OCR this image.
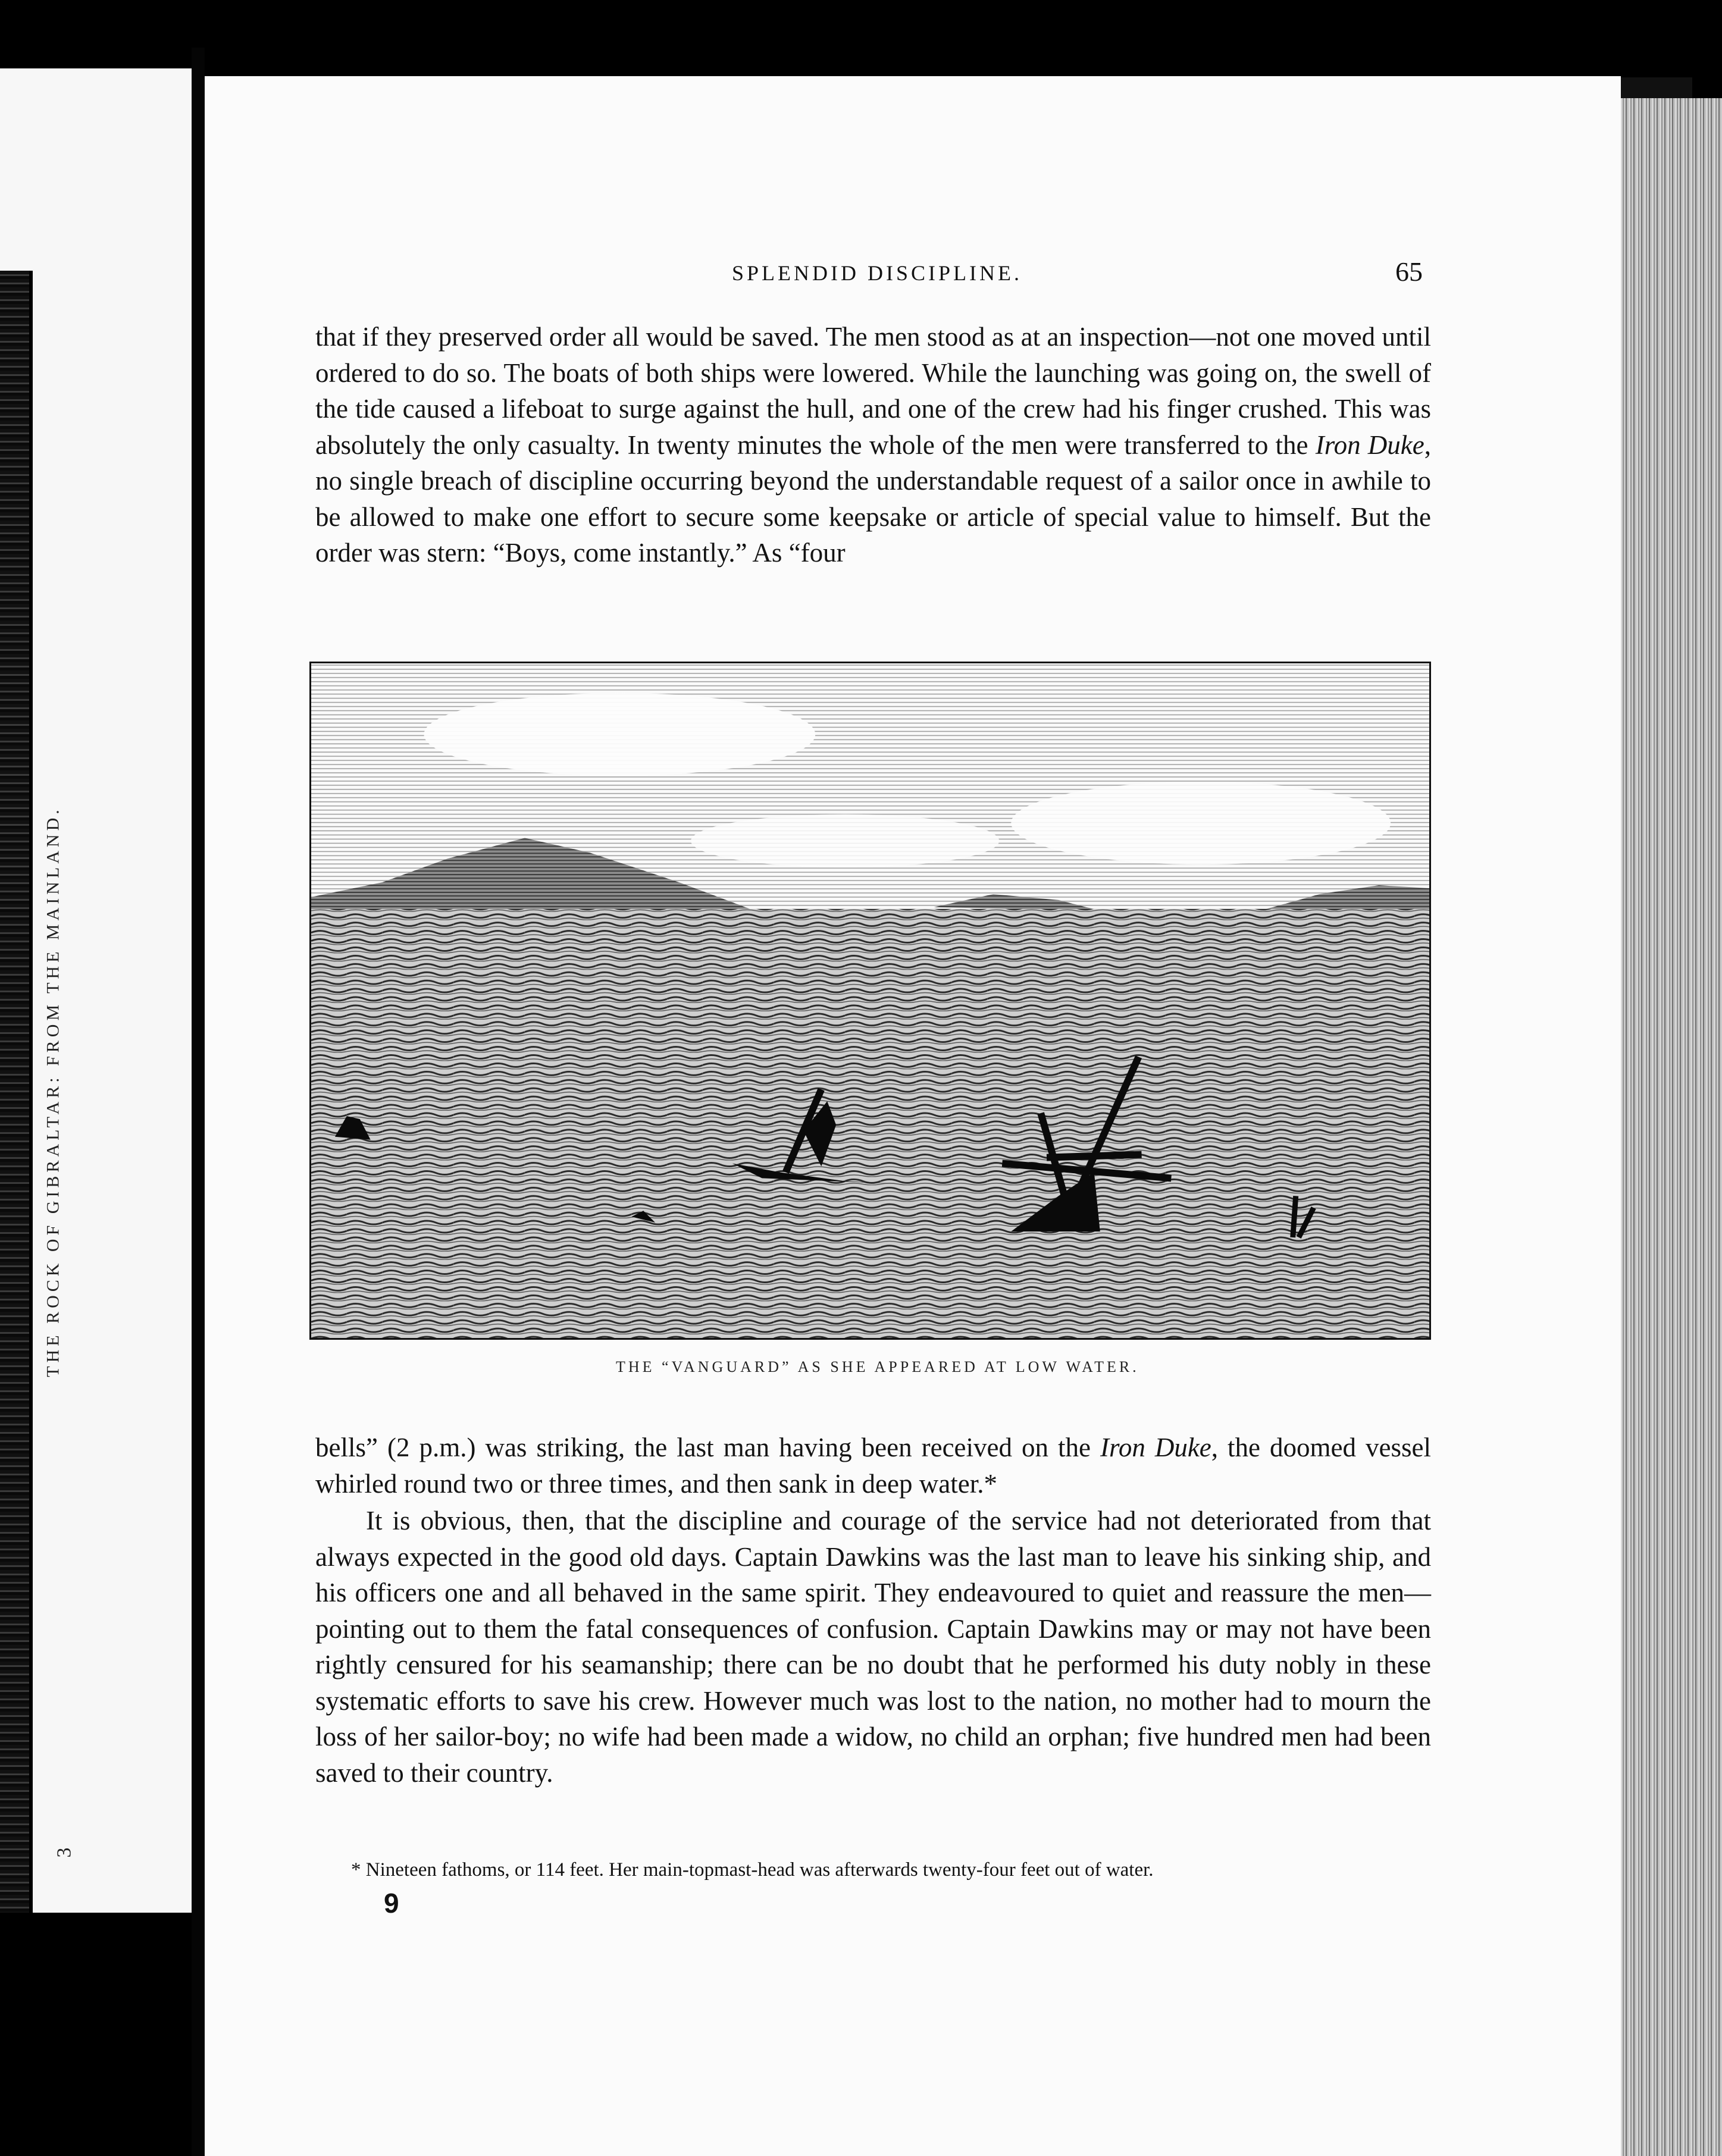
THE ROCK OF GIBRALTAR: FROM THE MAINLAND.
3
SPLENDID DISCIPLINE.	65

that if they preserved order all would be saved. The men stood as at an inspection—not one moved until ordered to do so. The boats of both ships were lowered. While the launching was going on, the swell of the tide caused a lifeboat to surge against the hull, and one of the crew had his finger crushed. This was absolutely the only casualty. In twenty minutes the whole of the men were transferred to the Iron Duke, no single breach of discipline occurring beyond the understandable request of a sailor once in awhile to be allowed to make one effort to secure some keepsake or article of special value to himself. But the order was stern: “Boys, come instantly.” As “four

THE “VANGUARD” AS SHE APPEARED AT LOW WATER.

bells” (2 p.m.) was striking, the last man having been received on the Iron Duke, the doomed vessel whirled round two or three times, and then sank in deep water.*

It is obvious, then, that the discipline and courage of the service had not deteriorated from that always expected in the good old days. Captain Dawkins was the last man to leave his sinking ship, and his officers one and all behaved in the same spirit. They endeavoured to quiet and reassure the men—pointing out to them the fatal consequences of confusion. Captain Dawkins may or may not have been rightly censured for his seamanship; there can be no doubt that he performed his duty nobly in these systematic efforts to save his crew. However much was lost to the nation, no mother had to mourn the loss of her sailor-boy; no wife had been made a widow, no child an orphan; five hundred men had been saved to their country.

* Nineteen fathoms, or 114 feet. Her main-topmast-head was afterwards twenty-four feet out of water.
9
